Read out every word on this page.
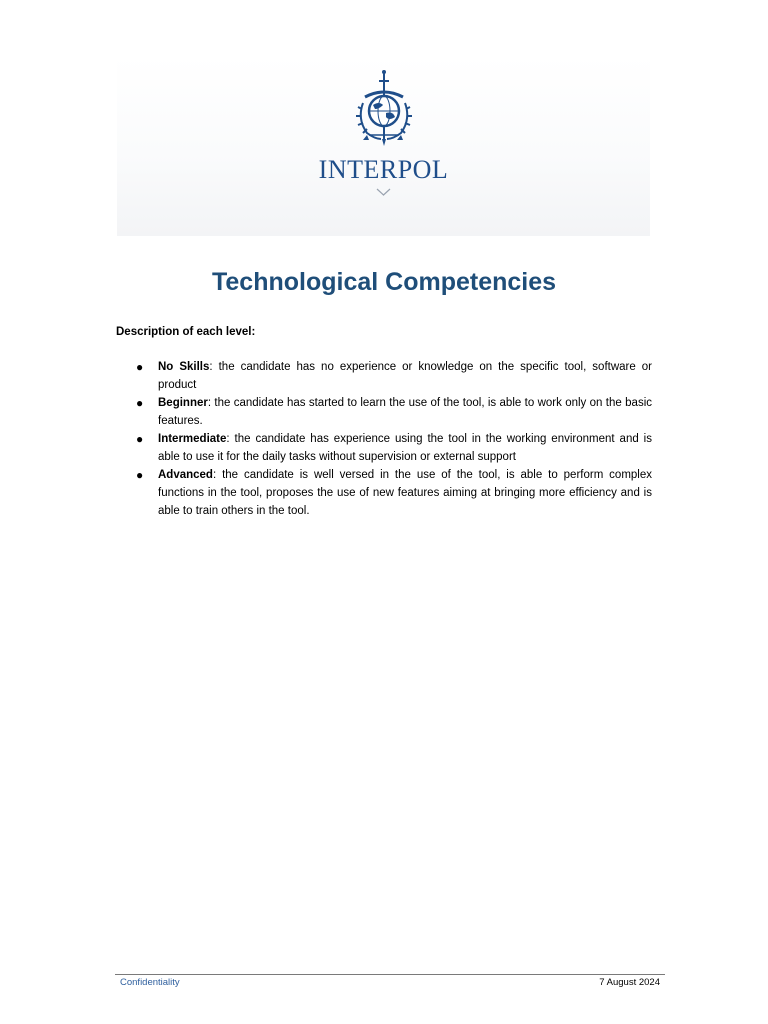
INTERPOL
Technological Competencies
Description of each level:
● No Skills: the candidate has no experience or knowledge on the specific tool, software or product
● Beginner: the candidate has started to learn the use of the tool, is able to work only on the basic features.
● Intermediate: the candidate has experience using the tool in the working environment and is able to use it for the daily tasks without supervision or external support
● Advanced: the candidate is well versed in the use of the tool, is able to perform complex functions in the tool, proposes the use of new features aiming at bringing more efficiency and is able to train others in the tool.
Confidentiality	7 August 2024
